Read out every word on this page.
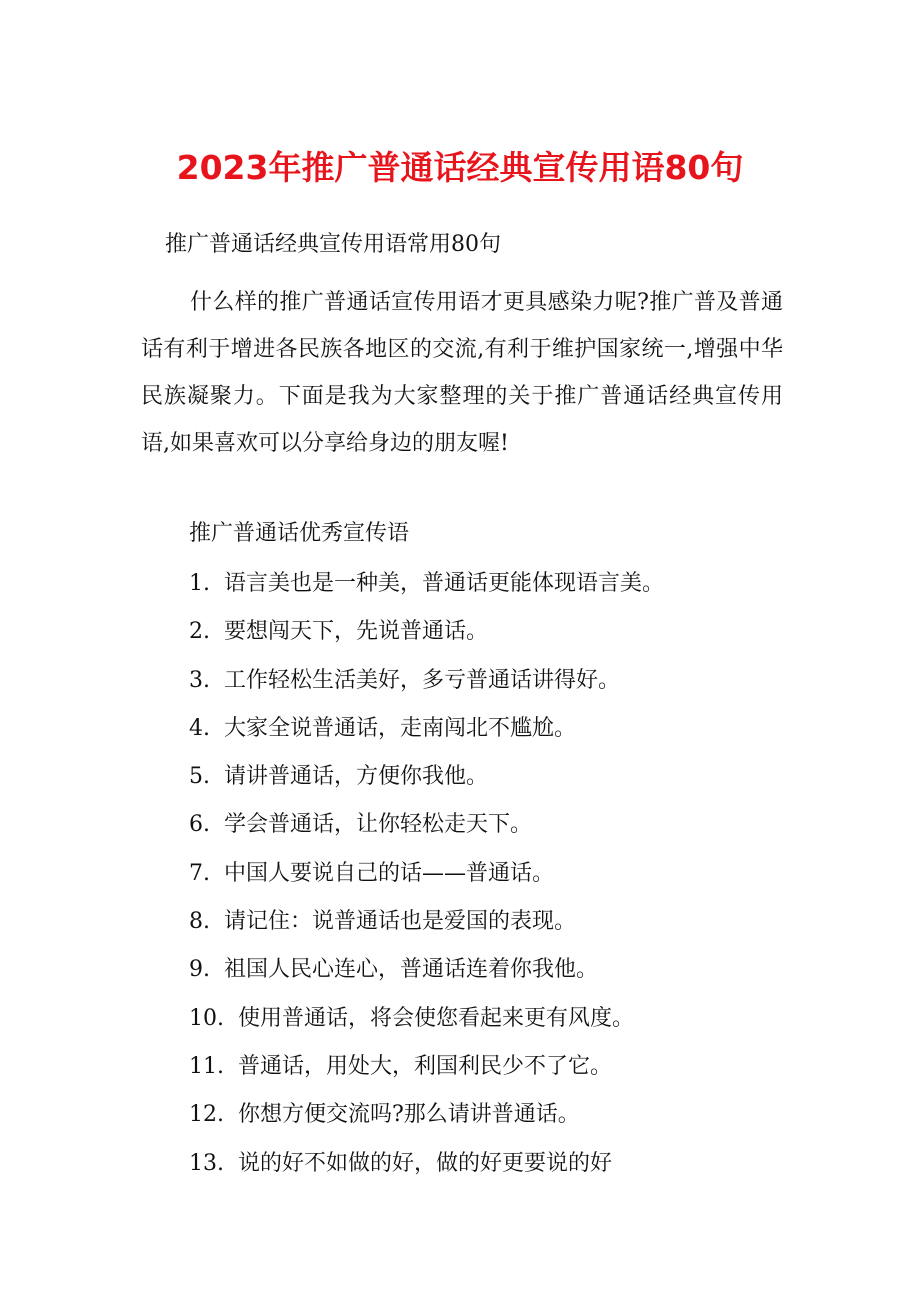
2023年推广普通话经典宣传用语80句

推广普通话经典宣传用语常用80句

什么样的推广普通话宣传用语才更具感染力呢?推广普及普通话有利于增进各民族各地区的交流,有利于维护国家统一,增强中华民族凝聚力。下面是我为大家整理的关于推广普通话经典宣传用语,如果喜欢可以分享给身边的朋友喔!

推广普通话优秀宣传语

1. 语言美也是一种美，普通话更能体现语言美。
2. 要想闯天下，先说普通话。
3. 工作轻松生活美好，多亏普通话讲得好。
4. 大家全说普通话，走南闯北不尴尬。
5. 请讲普通话，方便你我他。
6. 学会普通话，让你轻松走天下。
7. 中国人要说自己的话——普通话。
8. 请记住：说普通话也是爱国的表现。
9. 祖国人民心连心，普通话连着你我他。
10. 使用普通话，将会使您看起来更有风度。
11. 普通话，用处大，利国利民少不了它。
12. 你想方便交流吗?那么请讲普通话。
13. 说的好不如做的好，做的好更要说的好
